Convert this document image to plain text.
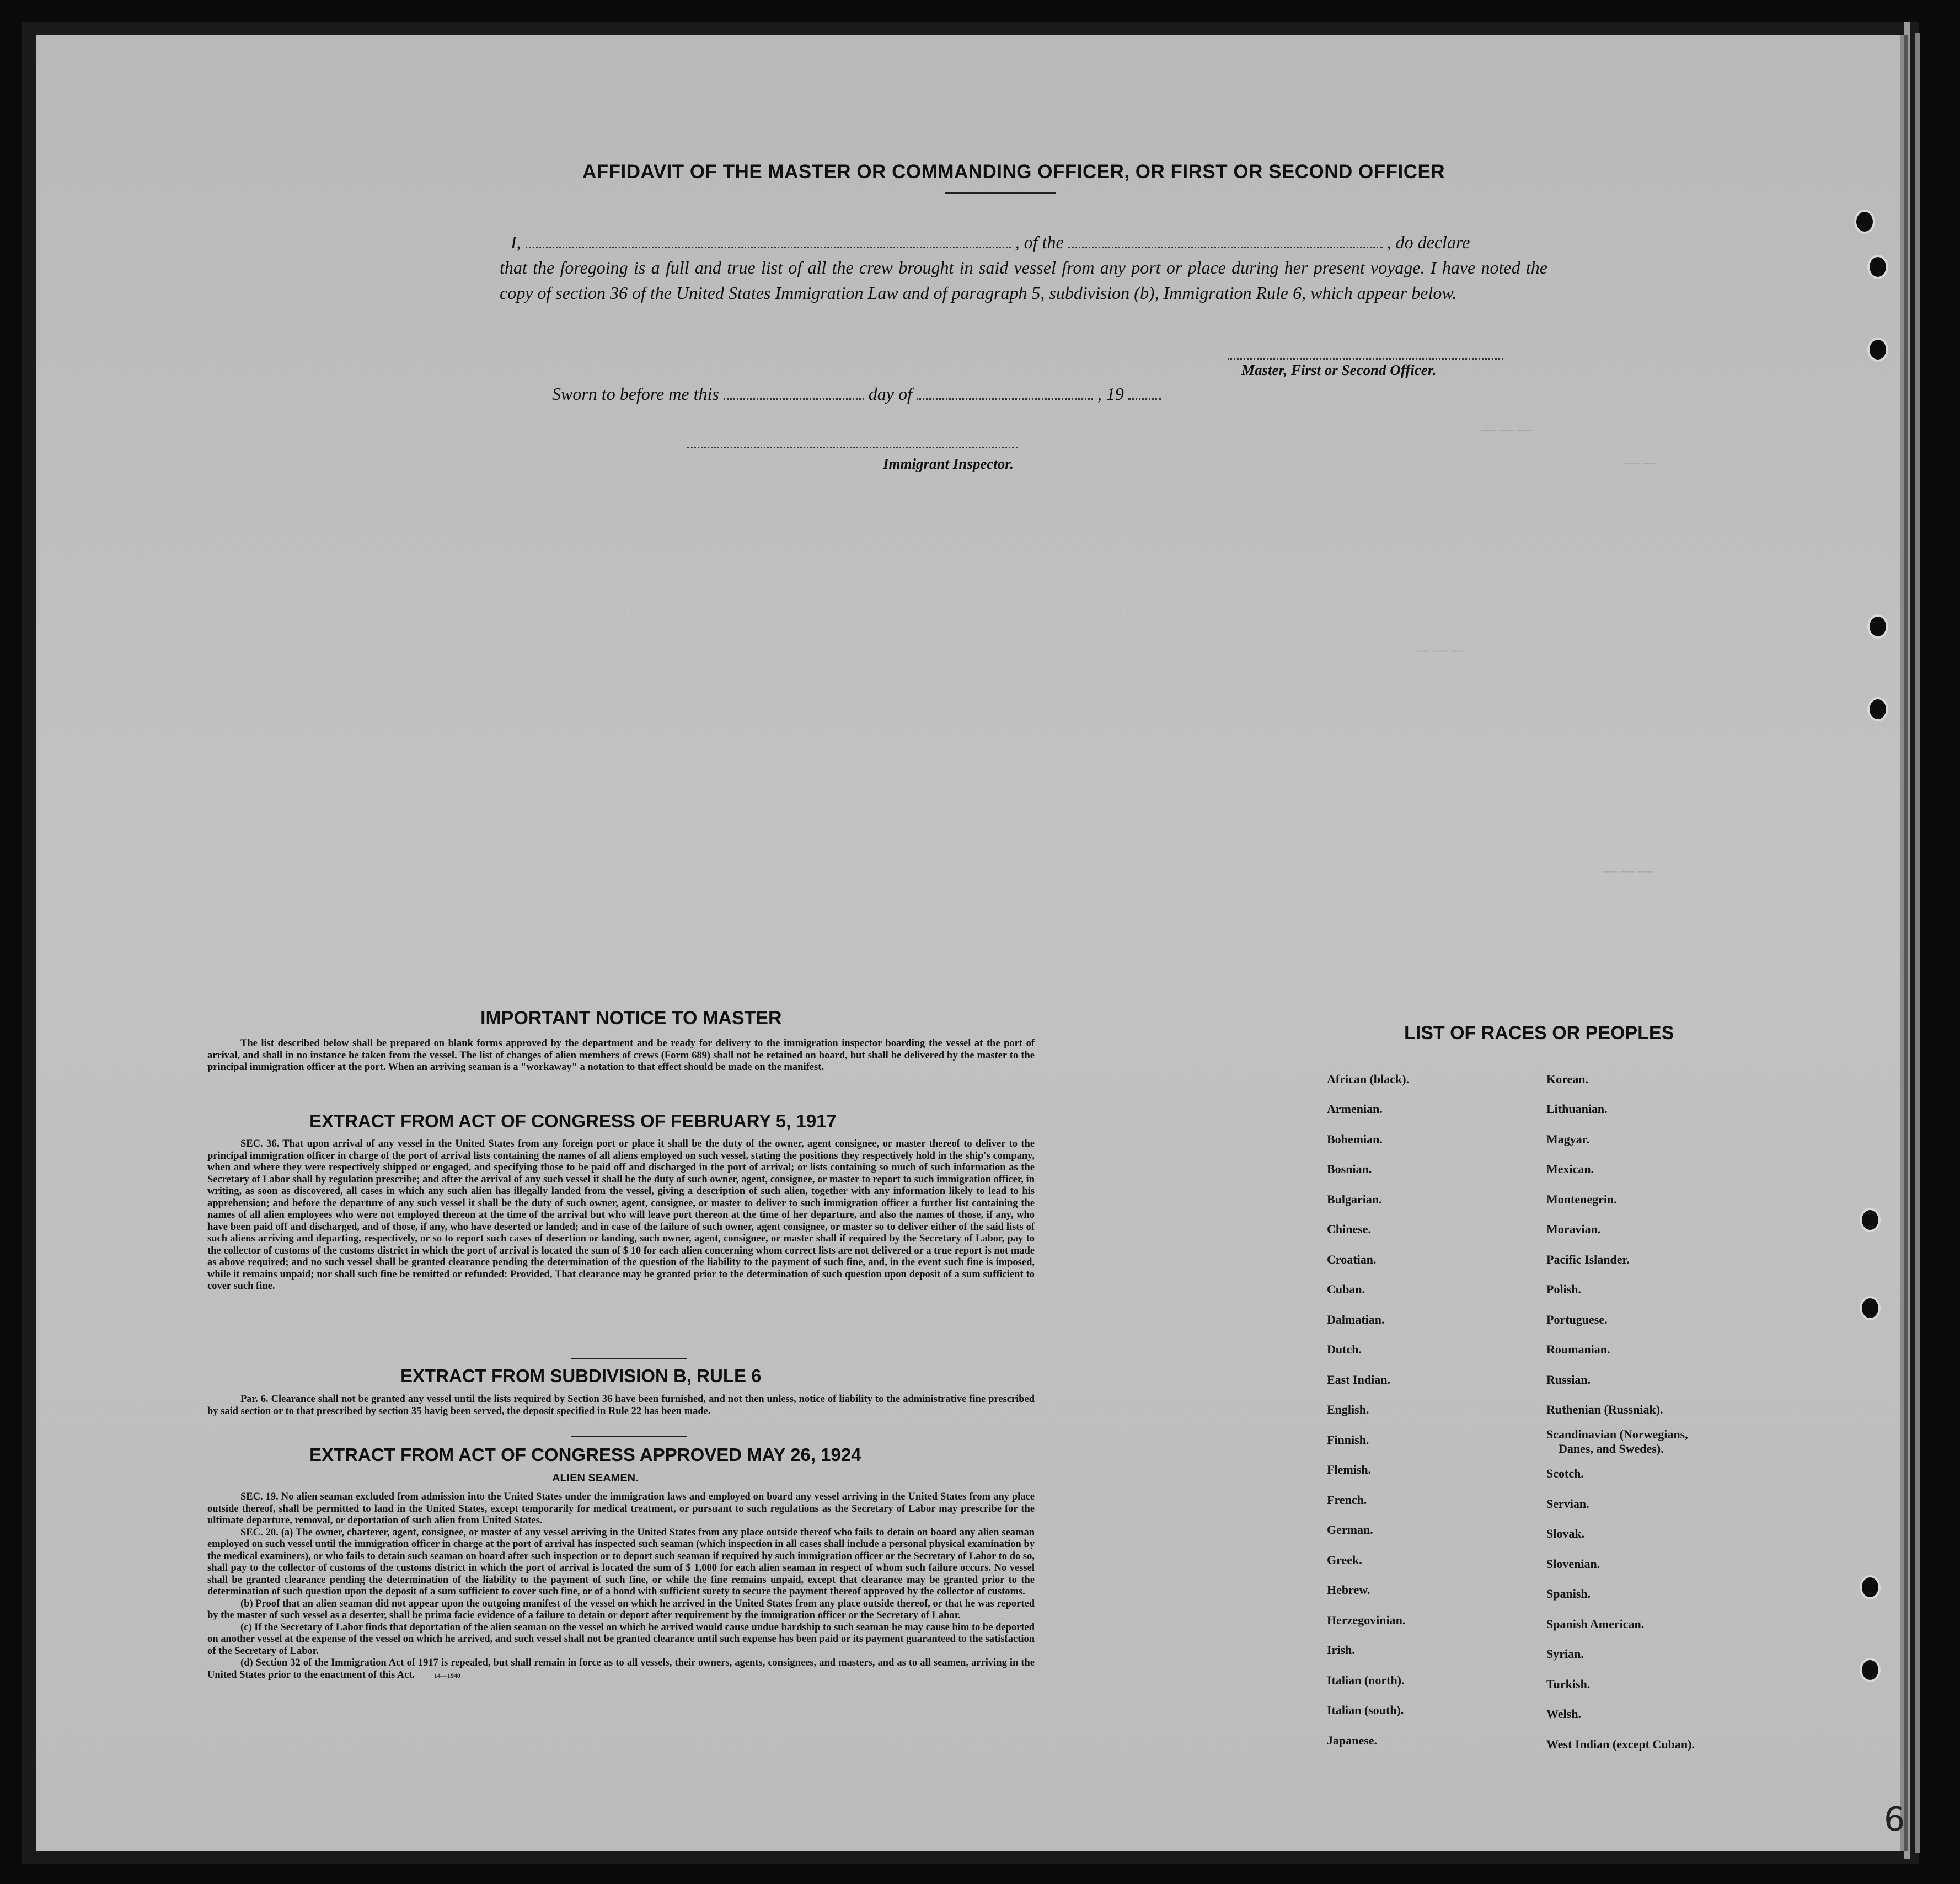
— — —
— —
— — —
— — —
AFFIDAVIT OF THE MASTER OR COMMANDING OFFICER, OR FIRST OR SECOND OFFICER
I,	, of the	, do declare
that the foregoing is a full and true list of all the crew brought in said vessel from any port or place during her present voyage. I have noted the copy of section 36 of the United States Immigration Law and of paragraph 5, subdivision (b), Immigration Rule 6, which appear below.
Master, First or Second Officer.
Sworn to before me this	day of	, 19
Immigrant Inspector.
IMPORTANT NOTICE TO MASTER
The list described below shall be prepared on blank forms approved by the department and be ready for delivery to the immigration inspector boarding the vessel at the port of arrival, and shall in no instance be taken from the vessel. The list of changes of alien members of crews (Form 689) shall not be retained on board, but shall be delivered by the master to the principal immigration officer at the port. When an arriving seaman is a "workaway" a notation to that effect should be made on the manifest.
EXTRACT FROM ACT OF CONGRESS OF FEBRUARY 5, 1917
SEC. 36. That upon arrival of any vessel in the United States from any foreign port or place it shall be the duty of the owner, agent consignee, or master thereof to deliver to the principal immigration officer in charge of the port of arrival lists containing the names of all aliens employed on such vessel, stating the positions they respectively hold in the ship's company, when and where they were respectively shipped or engaged, and specifying those to be paid off and discharged in the port of arrival; or lists containing so much of such information as the Secretary of Labor shall by regulation prescribe; and after the arrival of any such vessel it shall be the duty of such owner, agent, consignee, or master to report to such immigration officer, in writing, as soon as discovered, all cases in which any such alien has illegally landed from the vessel, giving a description of such alien, together with any information likely to lead to his apprehension; and before the departure of any such vessel it shall be the duty of such owner, agent, consignee, or master to deliver to such immigration officer a further list containing the names of all alien employees who were not employed thereon at the time of the arrival but who will leave port thereon at the time of her departure, and also the names of those, if any, who have been paid off and discharged, and of those, if any, who have deserted or landed; and in case of the failure of such owner, agent consignee, or master so to deliver either of the said lists of such aliens arriving and departing, respectively, or so to report such cases of desertion or landing, such owner, agent, consignee, or master shall if required by the Secretary of Labor, pay to the collector of customs of the customs district in which the port of arrival is located the sum of $ 10 for each alien concerning whom correct lists are not delivered or a true report is not made as above required; and no such vessel shall be granted clearance pending the determination of the question of the liability to the payment of such fine, and, in the event such fine is imposed, while it remains unpaid; nor shall such fine be remitted or refunded: Provided, That clearance may be granted prior to the determination of such question upon deposit of a sum sufficient to cover such fine.
EXTRACT FROM SUBDIVISION B, RULE 6
Par. 6. Clearance shall not be granted any vessel until the lists required by Section 36 have been furnished, and not then unless, notice of liability to the administrative fine prescribed by said section or to that prescribed by section 35 havig been served, the deposit specified in Rule 22 has been made.
EXTRACT FROM ACT OF CONGRESS APPROVED MAY 26, 1924
ALIEN SEAMEN.
SEC. 19. No alien seaman excluded from admission into the United States under the immigration laws and employed on board any vessel arriving in the United States from any place outside thereof, shall be permitted to land in the United States, except temporarily for medical treatment, or pursuant to such regulations as the Secretary of Labor may prescribe for the ultimate departure, removal, or deportation of such alien from United States.
SEC. 20. (a) The owner, charterer, agent, consignee, or master of any vessel arriving in the United States from any place outside thereof who fails to detain on board any alien seaman employed on such vessel until the immigration officer in charge at the port of arrival has inspected such seaman (which inspection in all cases shall include a personal physical examination by the medical examiners), or who fails to detain such seaman on board after such inspection or to deport such seaman if required by such immigration officer or the Secretary of Labor to do so, shall pay to the collector of customs of the customs district in which the port of arrival is located the sum of $ 1,000 for each alien seaman in respect of whom such failure occurs. No vessel shall be granted clearance pending the determination of the liability to the payment of such fine, or while the fine remains unpaid, except that clearance may be granted prior to the determination of such question upon the deposit of a sum sufficient to cover such fine, or of a bond with sufficient surety to secure the payment thereof approved by the collector of customs.
(b) Proof that an alien seaman did not appear upon the outgoing manifest of the vessel on which he arrived in the United States from any place outside thereof, or that he was reported by the master of such vessel as a deserter, shall be prima facie evidence of a failure to detain or deport after requirement by the immigration officer or the Secretary of Labor.
(c) If the Secretary of Labor finds that deportation of the alien seaman on the vessel on which he arrived would cause undue hardship to such seaman he may cause him to be deported on another vessel at the expense of the vessel on which he arrived, and such vessel shall not be granted clearance until such expense has been paid or its payment guaranteed to the satisfaction of the Secretary of Labor.
(d) Section 32 of the Immigration Act of 1917 is repealed, but shall remain in force as to all vessels, their owners, agents, consignees, and masters, and as to all seamen, arriving in the United States prior to the enactment of this Act.	14—1940
LIST OF RACES OR PEOPLES
African (black).
Armenian.
Bohemian.
Bosnian.
Bulgarian.
Chinese.
Croatian.
Cuban.
Dalmatian.
Dutch.
East Indian.
English.
Finnish.
Flemish.
French.
German.
Greek.
Hebrew.
Herzegovinian.
Irish.
Italian (north).
Italian (south).
Japanese.
Korean.
Lithuanian.
Magyar.
Mexican.
Montenegrin.
Moravian.
Pacific Islander.
Polish.
Portuguese.
Roumanian.
Russian.
Ruthenian (Russniak).
Scandinavian (Norwegians,
Danes, and Swedes).
Scotch.
Servian.
Slovak.
Slovenian.
Spanish.
Spanish American.
Syrian.
Turkish.
Welsh.
West Indian (except Cuban).
6
